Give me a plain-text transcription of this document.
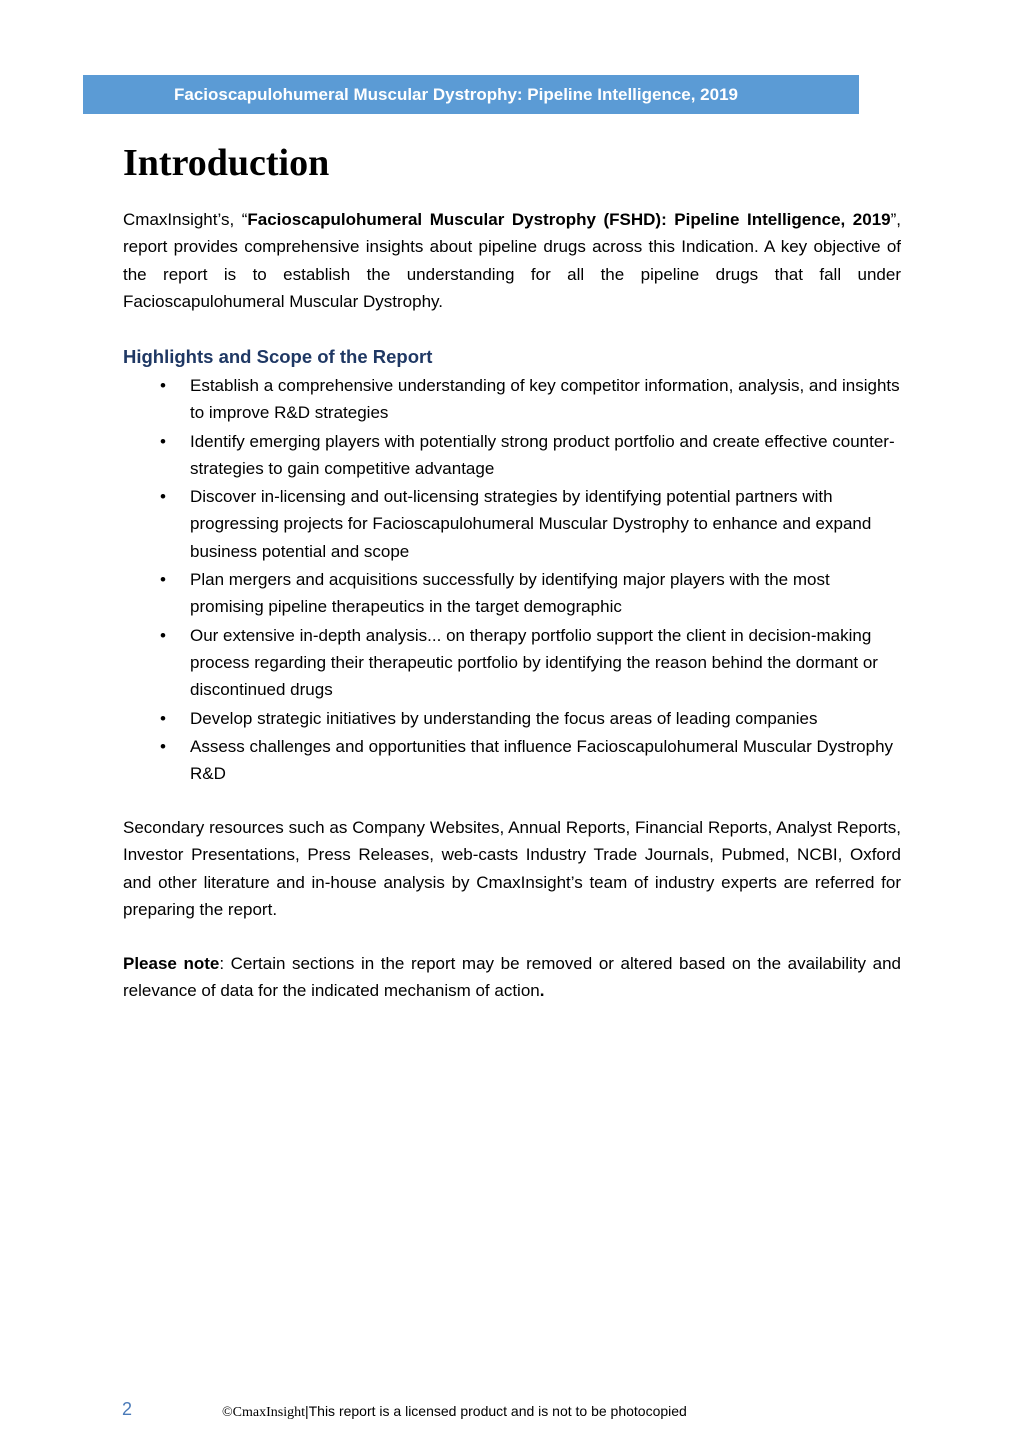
Facioscapulohumeral Muscular Dystrophy: Pipeline Intelligence, 2019
Introduction

CmaxInsight’s, “Facioscapulohumeral Muscular Dystrophy (FSHD): Pipeline Intelligence, 2019”, report provides comprehensive insights about pipeline drugs across this Indication. A key objective of the report is to establish the understanding for all the pipeline drugs that fall under Facioscapulohumeral Muscular Dystrophy.

Highlights and Scope of the Report
• Establish a comprehensive understanding of key competitor information, analysis, and insights to improve R&D strategies
• Identify emerging players with potentially strong product portfolio and create effective counter-strategies to gain competitive advantage
• Discover in-licensing and out-licensing strategies by identifying potential partners with progressing projects for Facioscapulohumeral Muscular Dystrophy to enhance and expand business potential and scope
• Plan mergers and acquisitions successfully by identifying major players with the most promising pipeline therapeutics in the target demographic
• Our extensive in-depth analysis... on therapy portfolio support the client in decision-making process regarding their therapeutic portfolio by identifying the reason behind the dormant or discontinued drugs
• Develop strategic initiatives by understanding the focus areas of leading companies
• Assess challenges and opportunities that influence Facioscapulohumeral Muscular Dystrophy R&D

Secondary resources such as Company Websites, Annual Reports, Financial Reports, Analyst Reports, Investor Presentations, Press Releases, web-casts Industry Trade Journals, Pubmed, NCBI, Oxford and other literature and in-house analysis by CmaxInsight’s team of industry experts are referred for preparing the report.

Please note: Certain sections in the report may be removed or altered based on the availability and relevance of data for the indicated mechanism of action.

2	©CmaxInsight|This report is a licensed product and is not to be photocopied
